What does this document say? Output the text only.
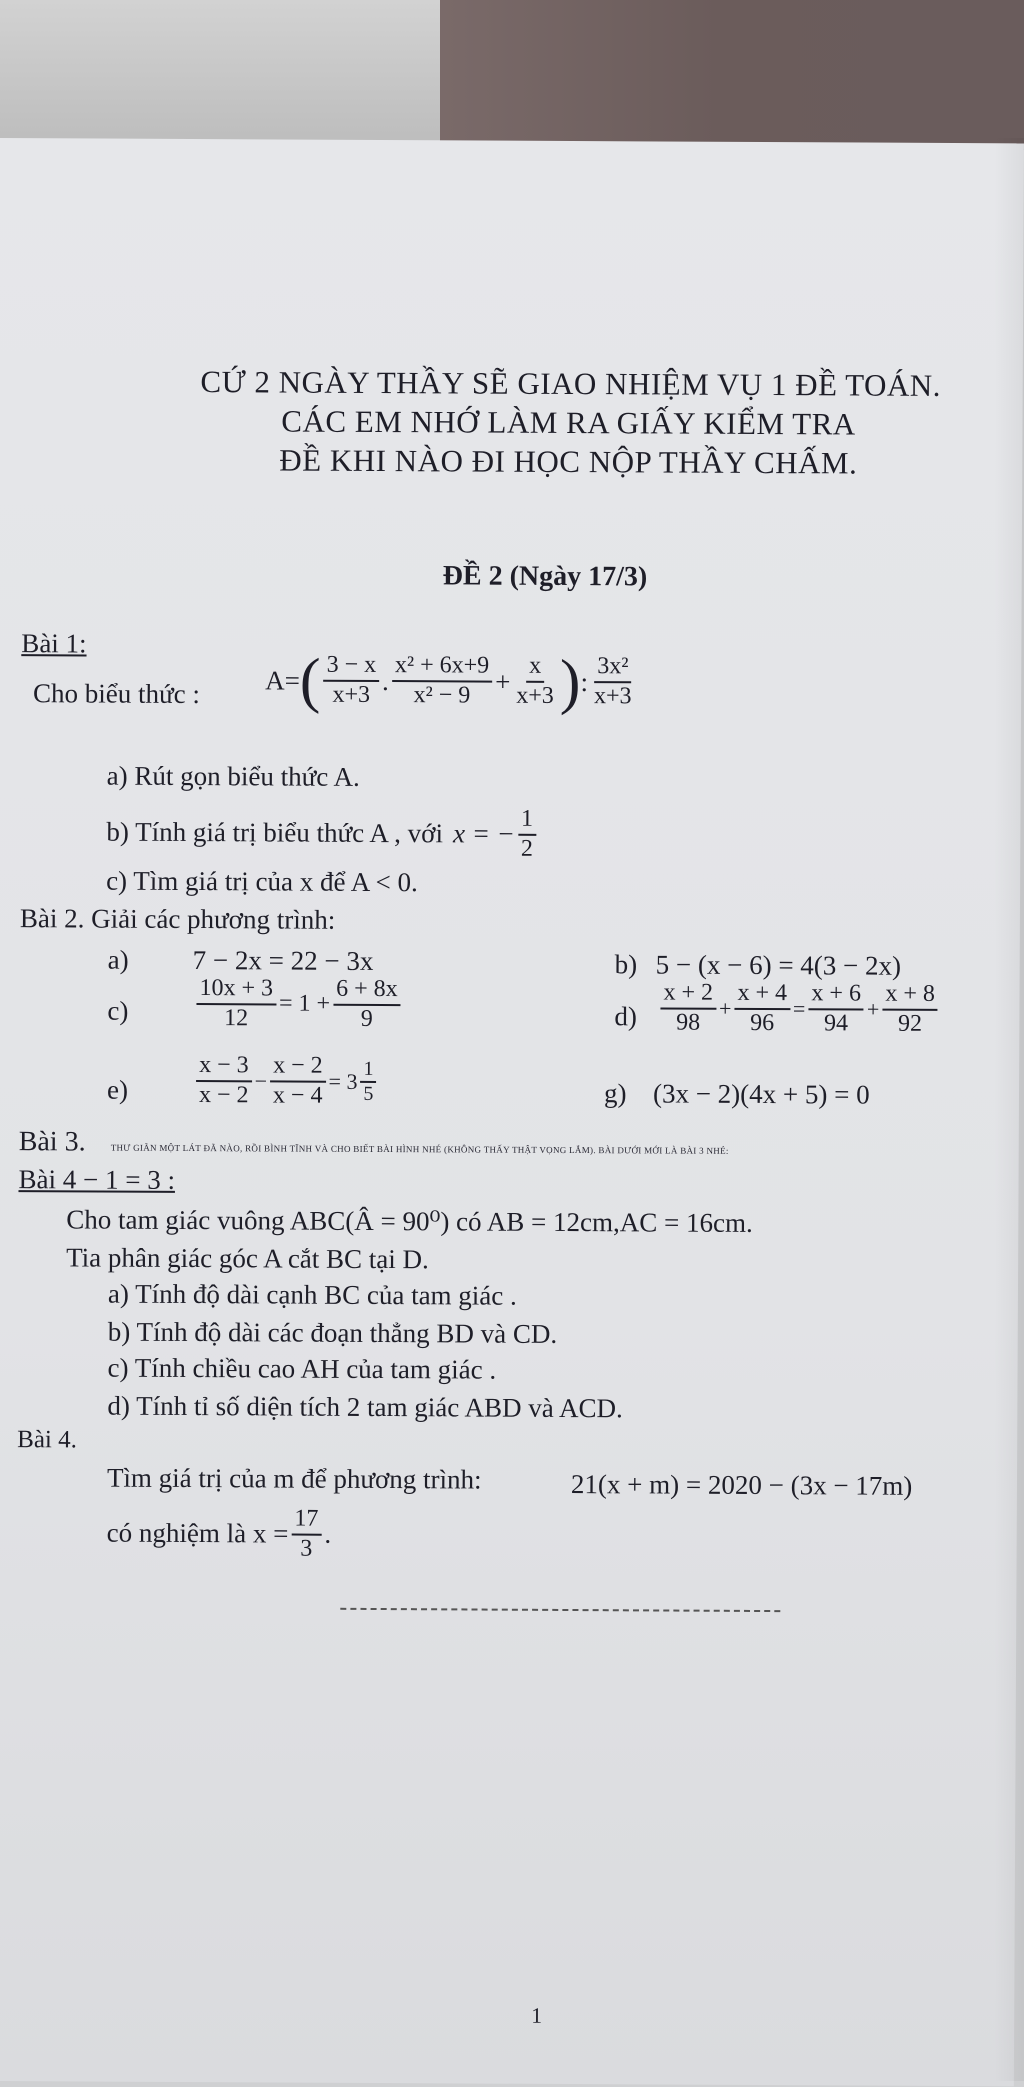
CỨ 2 NGÀY THẦY SẼ GIAO NHIỆM VỤ 1 ĐỀ TOÁN.
CÁC EM NHỚ LÀM RA GIẤY KIỂM TRA
ĐỀ KHI NÀO ĐI HỌC NỘP THẦY CHẤM.
ĐỀ 2 (Ngày 17/3)
Bài 1:
Cho biểu thức : A= ( $\frac{3 - x}{x+3}$ . $\frac{\text{x² + 6x+9}}{\text{x² − 9}} + \frac{x}{x+3}$ ) : $\frac{\text{3x²}}{x+3}$
a) Rút gọn biểu thức A.
b) Tính giá trị biểu thức A , với x = − $\frac{1}{2}$
c) Tìm giá trị của x để A < 0.
Bài 2. Giải các phương trình:
a) 7 − 2x = 22 − 3x	b) 5 − (x − 6) = 4(3 − 2x)
c)	$\frac{10x + 3}{12} = 1 + \frac{6 + 8x}{9}$	$d) \frac{x + 2}{98} + \frac{x + 4}{96} = \frac{x + 6}{94} + \frac{x + 8}{92}$
e)	$\frac{x - 3}{x - 2} - \frac{x - 2}{x - 4} = 3 \frac{1}{5}$	g) (3x − 2)(4x + 5) = 0
Bài 3.	THƯ GIÃN MỘT LÁT ĐÃ NÀO, RỒI BÌNH TĨNH VÀ CHO BIẾT BÀI HÌNH NHÉ (KHÔNG THẤY THẬT VỌNG LẮM). BÀI DƯỚI MỚI LÀ BÀI 3 NHÉ:
Bài 4 − 1 = 3 :
Cho tam giác vuông ABC(Â = 90⁰) có AB = 12cm,AC = 16cm.
Tia phân giác góc A cắt BC tại D.
a) Tính độ dài cạnh BC của tam giác .
b) Tính độ dài các đoạn thẳng BD và CD.
c) Tính chiều cao AH của tam giác .
d) Tính tỉ số diện tích 2 tam giác ABD và ACD.
Bài 4.
Tìm giá trị của m để phương trình:	21(x + m) = 2020 − (3x − 17m)
có nghiệm là $x = \frac{17}{3}$ .
1
